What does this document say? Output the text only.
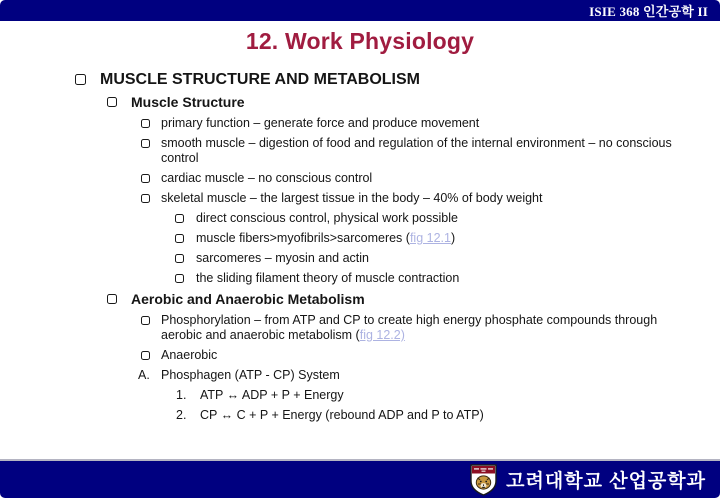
ISIE 368 인간공학 II
12. Work Physiology
MUSCLE STRUCTURE AND METABOLISM
Muscle Structure
primary function – generate force and produce movement
smooth muscle – digestion of food and regulation of the internal environment – no conscious
control
cardiac muscle – no conscious control
skeletal muscle – the largest tissue in the body – 40% of body weight
direct conscious control, physical work possible
muscle fibers>myofibrils>sarcomeres (fig 12.1)
sarcomeres – myosin and actin
the sliding filament theory of muscle contraction
Aerobic and Anaerobic Metabolism
Phosphorylation – from ATP and CP to create high energy phosphate compounds through
aerobic and anaerobic metabolism (fig 12.2)
Anaerobic
A. Phosphagen (ATP - CP) System
1.	ATP ↔ ADP + P + Energy
2.	CP ↔ C + P + Energy (rebound ADP and P to ATP)
고려대학교 산업공학과
